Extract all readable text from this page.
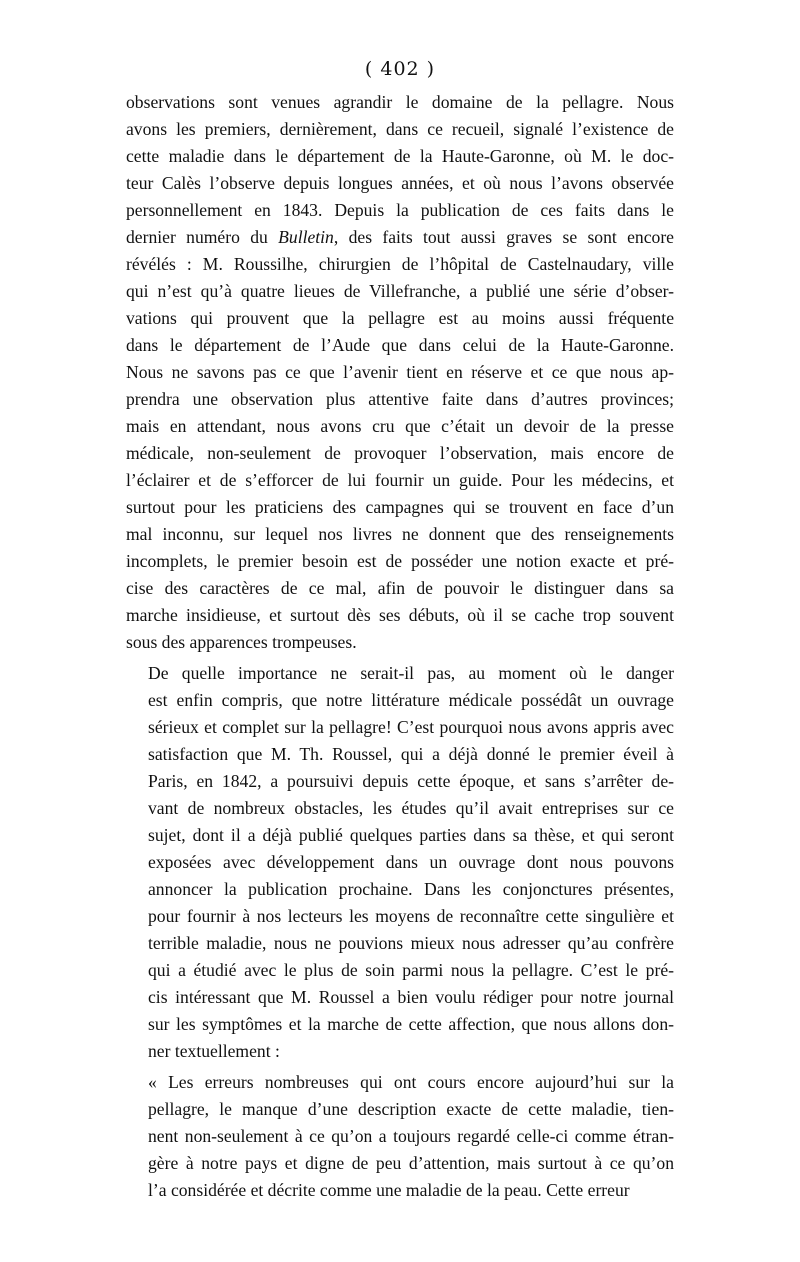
( 402 )
observations sont venues agrandir le domaine de la pellagre. Nous
avons les premiers, dernièrement, dans ce recueil, signalé l’existence de
cette maladie dans le département de la Haute-Garonne, où M. le doc-
teur Calès l’observe depuis longues années, et où nous l’avons observée
personnellement en 1843. Depuis la publication de ces faits dans le
dernier numéro du Bulletin, des faits tout aussi graves se sont encore
révélés : M. Roussilhe, chirurgien de l’hôpital de Castelnaudary, ville
qui n’est qu’à quatre lieues de Villefranche, a publié une série d’obser-
vations qui prouvent que la pellagre est au moins aussi fréquente
dans le département de l’Aude que dans celui de la Haute-Garonne.
Nous ne savons pas ce que l’avenir tient en réserve et ce que nous ap-
prendra une observation plus attentive faite dans d’autres provinces;
mais en attendant, nous avons cru que c’était un devoir de la presse
médicale, non-seulement de provoquer l’observation, mais encore de
l’éclairer et de s’efforcer de lui fournir un guide. Pour les médecins, et
surtout pour les praticiens des campagnes qui se trouvent en face d’un
mal inconnu, sur lequel nos livres ne donnent que des renseignements
incomplets, le premier besoin est de posséder une notion exacte et pré-
cise des caractères de ce mal, afin de pouvoir le distinguer dans sa
marche insidieuse, et surtout dès ses débuts, où il se cache trop souvent
sous des apparences trompeuses.
De quelle importance ne serait-il pas, au moment où le danger
est enfin compris, que notre littérature médicale possédât un ouvrage
sérieux et complet sur la pellagre! C’est pourquoi nous avons appris avec
satisfaction que M. Th. Roussel, qui a déjà donné le premier éveil à
Paris, en 1842, a poursuivi depuis cette époque, et sans s’arrêter de-
vant de nombreux obstacles, les études qu’il avait entreprises sur ce
sujet, dont il a déjà publié quelques parties dans sa thèse, et qui seront
exposées avec développement dans un ouvrage dont nous pouvons
annoncer la publication prochaine. Dans les conjonctures présentes,
pour fournir à nos lecteurs les moyens de reconnaître cette singulière et
terrible maladie, nous ne pouvions mieux nous adresser qu’au confrère
qui a étudié avec le plus de soin parmi nous la pellagre. C’est le pré-
cis intéressant que M. Roussel a bien voulu rédiger pour notre journal
sur les symptômes et la marche de cette affection, que nous allons don-
ner textuellement :
« Les erreurs nombreuses qui ont cours encore aujourd’hui sur la
pellagre, le manque d’une description exacte de cette maladie, tien-
nent non-seulement à ce qu’on a toujours regardé celle-ci comme étran-
gère à notre pays et digne de peu d’attention, mais surtout à ce qu’on
l’a considérée et décrite comme une maladie de la peau. Cette erreur
